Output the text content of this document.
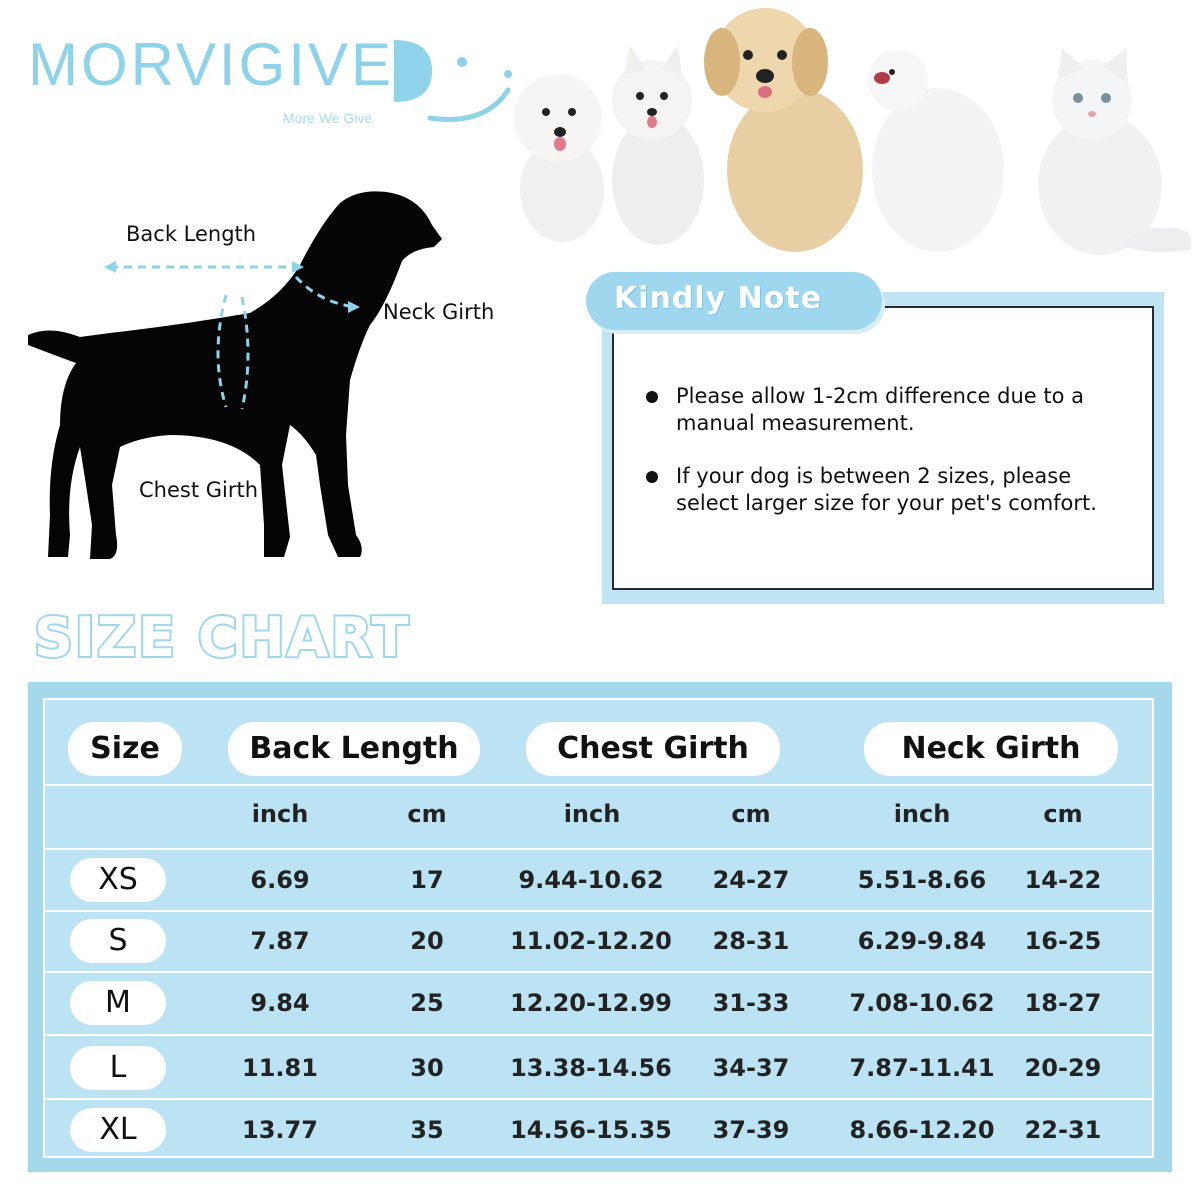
MORVIGIVE
More We Give
Back Length
Neck Girth
Chest Girth
Kindly Note
Please allow 1-2cm difference due to a manual measurement.
If your dog is between 2 sizes, please select larger size for your pet's comfort.
SIZE CHART
Size	Back Length	Chest Girth	Neck Girth
inch	cm	inch	cm	inch	cm
XS	6.69	17	9.44-10.62	24-27	5.51-8.66	14-22
S	7.87	20	11.02-12.20	28-31	6.29-9.84	16-25
M	9.84	25	12.20-12.99	31-33	7.08-10.62	18-27
L	11.81	30	13.38-14.56	34-37	7.87-11.41	20-29
XL	13.77	35	14.56-15.35	37-39	8.66-12.20	22-31
